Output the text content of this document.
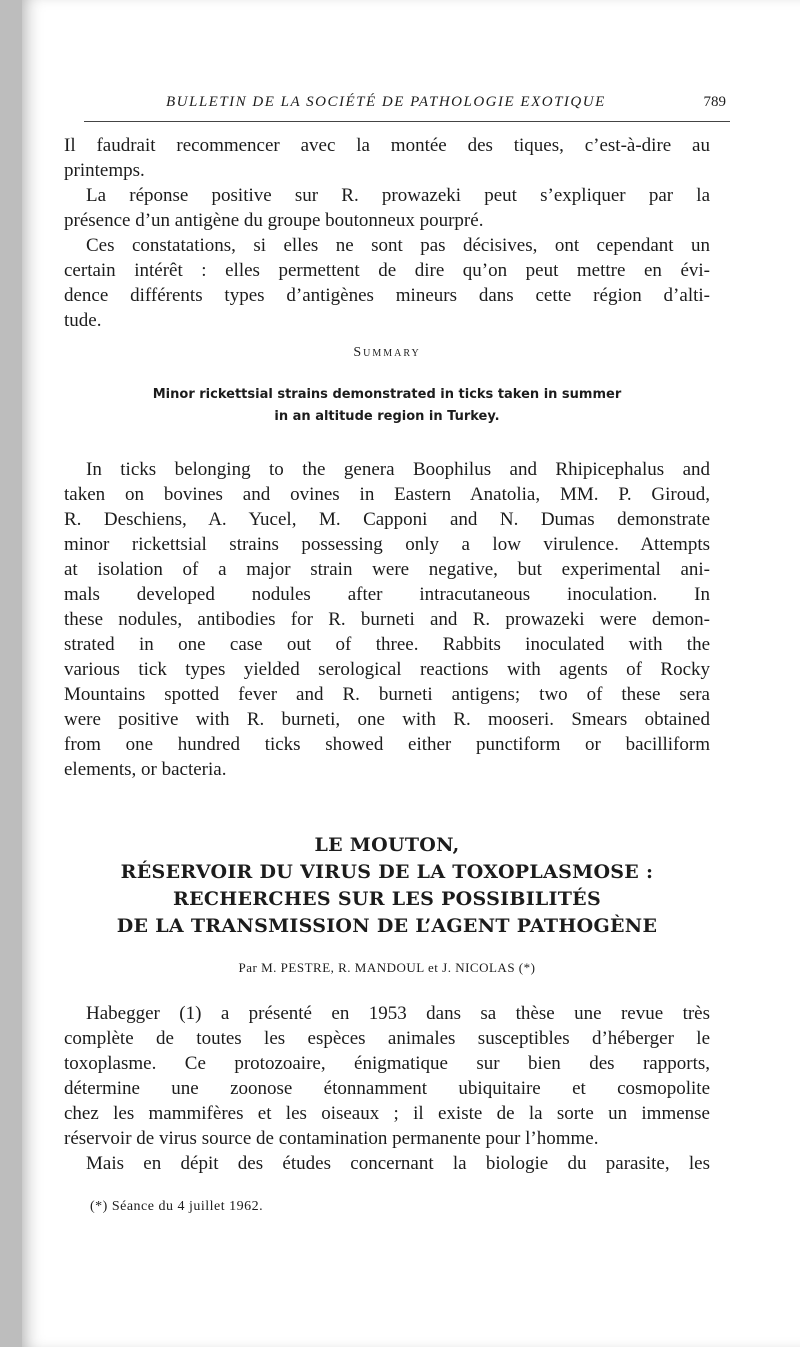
BULLETIN DE LA SOCIÉTÉ DE PATHOLOGIE EXOTIQUE	789

Il faudrait recommencer avec la montée des tiques, c’est-à-dire au

printemps.

La réponse positive sur R. prowazeki peut s’expliquer par la

présence d’un antigène du groupe boutonneux pourpré.

Ces constatations, si elles ne sont pas décisives, ont cependant un

certain intérêt : elles permettent de dire qu’on peut mettre en évi-

dence différents types d’antigènes mineurs dans cette région d’alti-

tude.

Summary

Minor rickettsial strains demonstrated in ticks taken in summer

in an altitude region in Turkey.

In ticks belonging to the genera Boophilus and Rhipicephalus and

taken on bovines and ovines in Eastern Anatolia, MM. P. Giroud,

R. Deschiens, A. Yucel, M. Capponi and N. Dumas demonstrate

minor rickettsial strains possessing only a low virulence. Attempts

at isolation of a major strain were negative, but experimental ani-

mals developed nodules after intracutaneous inoculation. In

these nodules, antibodies for R. burneti and R. prowazeki were demon-

strated in one case out of three. Rabbits inoculated with the

various tick types yielded serological reactions with agents of Rocky

Mountains spotted fever and R. burneti antigens; two of these sera

were positive with R. burneti, one with R. mooseri. Smears obtained

from one hundred ticks showed either punctiform or bacilliform

elements, or bacteria.

LE MOUTON,

RÉSERVOIR DU VIRUS DE LA TOXOPLASMOSE :

RECHERCHES SUR LES POSSIBILITÉS

DE LA TRANSMISSION DE L’AGENT PATHOGÈNE

Par M. PESTRE, R. MANDOUL et J. NICOLAS (*)

Habegger (1) a présenté en 1953 dans sa thèse une revue très

complète de toutes les espèces animales susceptibles d’héberger le

toxoplasme. Ce protozoaire, énigmatique sur bien des rapports,

détermine une zoonose étonnamment ubiquitaire et cosmopolite

chez les mammifères et les oiseaux ; il existe de la sorte un immense

réservoir de virus source de contamination permanente pour l’homme.

Mais en dépit des études concernant la biologie du parasite, les

(*) Séance du 4 juillet 1962.
